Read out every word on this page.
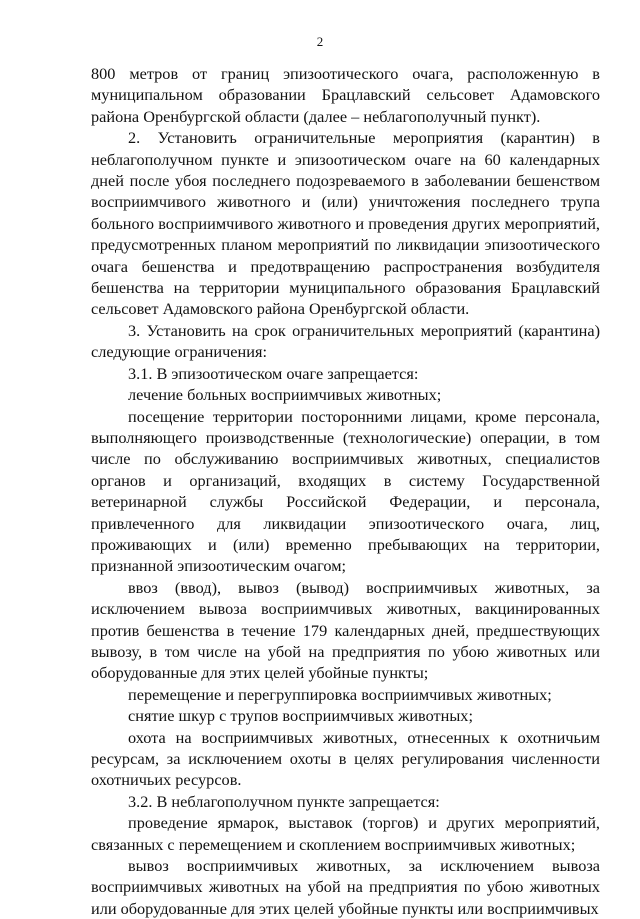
2

800 метров от границ эпизоотического очага, расположенную в муниципальном образовании Брацлавский сельсовет Адамовского района Оренбургской области (далее – неблагополучный пункт).

2. Установить ограничительные мероприятия (карантин) в неблагополучном пункте и эпизоотическом очаге на 60 календарных дней после убоя последнего подозреваемого в заболевании бешенством восприимчивого животного и (или) уничтожения последнего трупа больного восприимчивого животного и проведения других мероприятий, предусмотренных планом мероприятий по ликвидации эпизоотического очага бешенства и предотвращению распространения возбудителя бешенства на территории муниципального образования Брацлавский сельсовет Адамовского района Оренбургской области.

3. Установить на срок ограничительных мероприятий (карантина) следующие ограничения:

3.1. В эпизоотическом очаге запрещается:

лечение больных восприимчивых животных;

посещение территории посторонними лицами, кроме персонала, выполняющего производственные (технологические) операции, в том числе по обслуживанию восприимчивых животных, специалистов органов и организаций, входящих в систему Государственной ветеринарной службы Российской Федерации, и персонала, привлеченного для ликвидации эпизоотического очага, лиц, проживающих и (или) временно пребывающих на территории, признанной эпизоотическим очагом;

ввоз (ввод), вывоз (вывод) восприимчивых животных, за исключением вывоза восприимчивых животных, вакцинированных против бешенства в течение 179 календарных дней, предшествующих вывозу, в том числе на убой на предприятия по убою животных или оборудованные для этих целей убойные пункты;

перемещение и перегруппировка восприимчивых животных;

снятие шкур с трупов восприимчивых животных;

охота на восприимчивых животных, отнесенных к охотничьим ресурсам, за исключением охоты в целях регулирования численности охотничьих ресурсов.

3.2. В неблагополучном пункте запрещается:

проведение ярмарок, выставок (торгов) и других мероприятий, связанных с перемещением и скоплением восприимчивых животных;

вывоз восприимчивых животных, за исключением вывоза восприимчивых животных на убой на предприятия по убою животных или оборудованные для этих целей убойные пункты или восприимчивых
